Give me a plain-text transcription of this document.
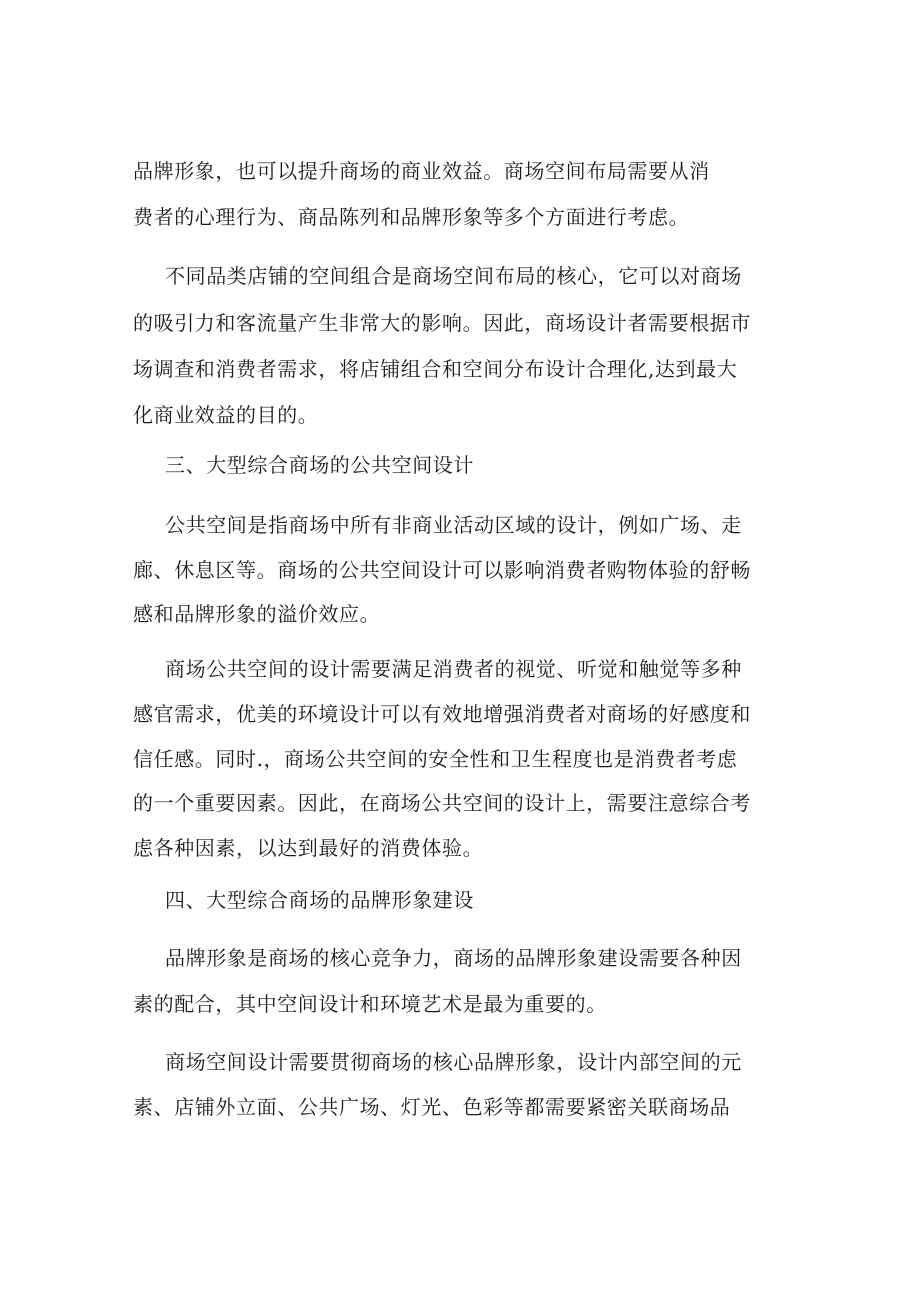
品牌形象，也可以提升商场的商业效益。商场空间布局需要从消
费者的心理行为、商品陈列和品牌形象等多个方面进行考虑。
不同品类店铺的空间组合是商场空间布局的核心，它可以对商场
的吸引力和客流量产生非常大的影响。因此，商场设计者需要根据市
场调查和消费者需求，将店铺组合和空间分布设计合理化,达到最大
化商业效益的目的。
三、大型综合商场的公共空间设计
公共空间是指商场中所有非商业活动区域的设计，例如广场、走
廊、休息区等。商场的公共空间设计可以影响消费者购物体验的舒畅
感和品牌形象的溢价效应。
商场公共空间的设计需要满足消费者的视觉、听觉和触觉等多种
感官需求，优美的环境设计可以有效地增强消费者对商场的好感度和
信任感。同时.，商场公共空间的安全性和卫生程度也是消费者考虑
的一个重要因素。因此，在商场公共空间的设计上，需要注意综合考
虑各种因素，以达到最好的消费体验。
四、大型综合商场的品牌形象建设
品牌形象是商场的核心竞争力，商场的品牌形象建设需要各种因
素的配合，其中空间设计和环境艺术是最为重要的。
商场空间设计需要贯彻商场的核心品牌形象，设计内部空间的元
素、店铺外立面、公共广场、灯光、色彩等都需要紧密关联商场品
